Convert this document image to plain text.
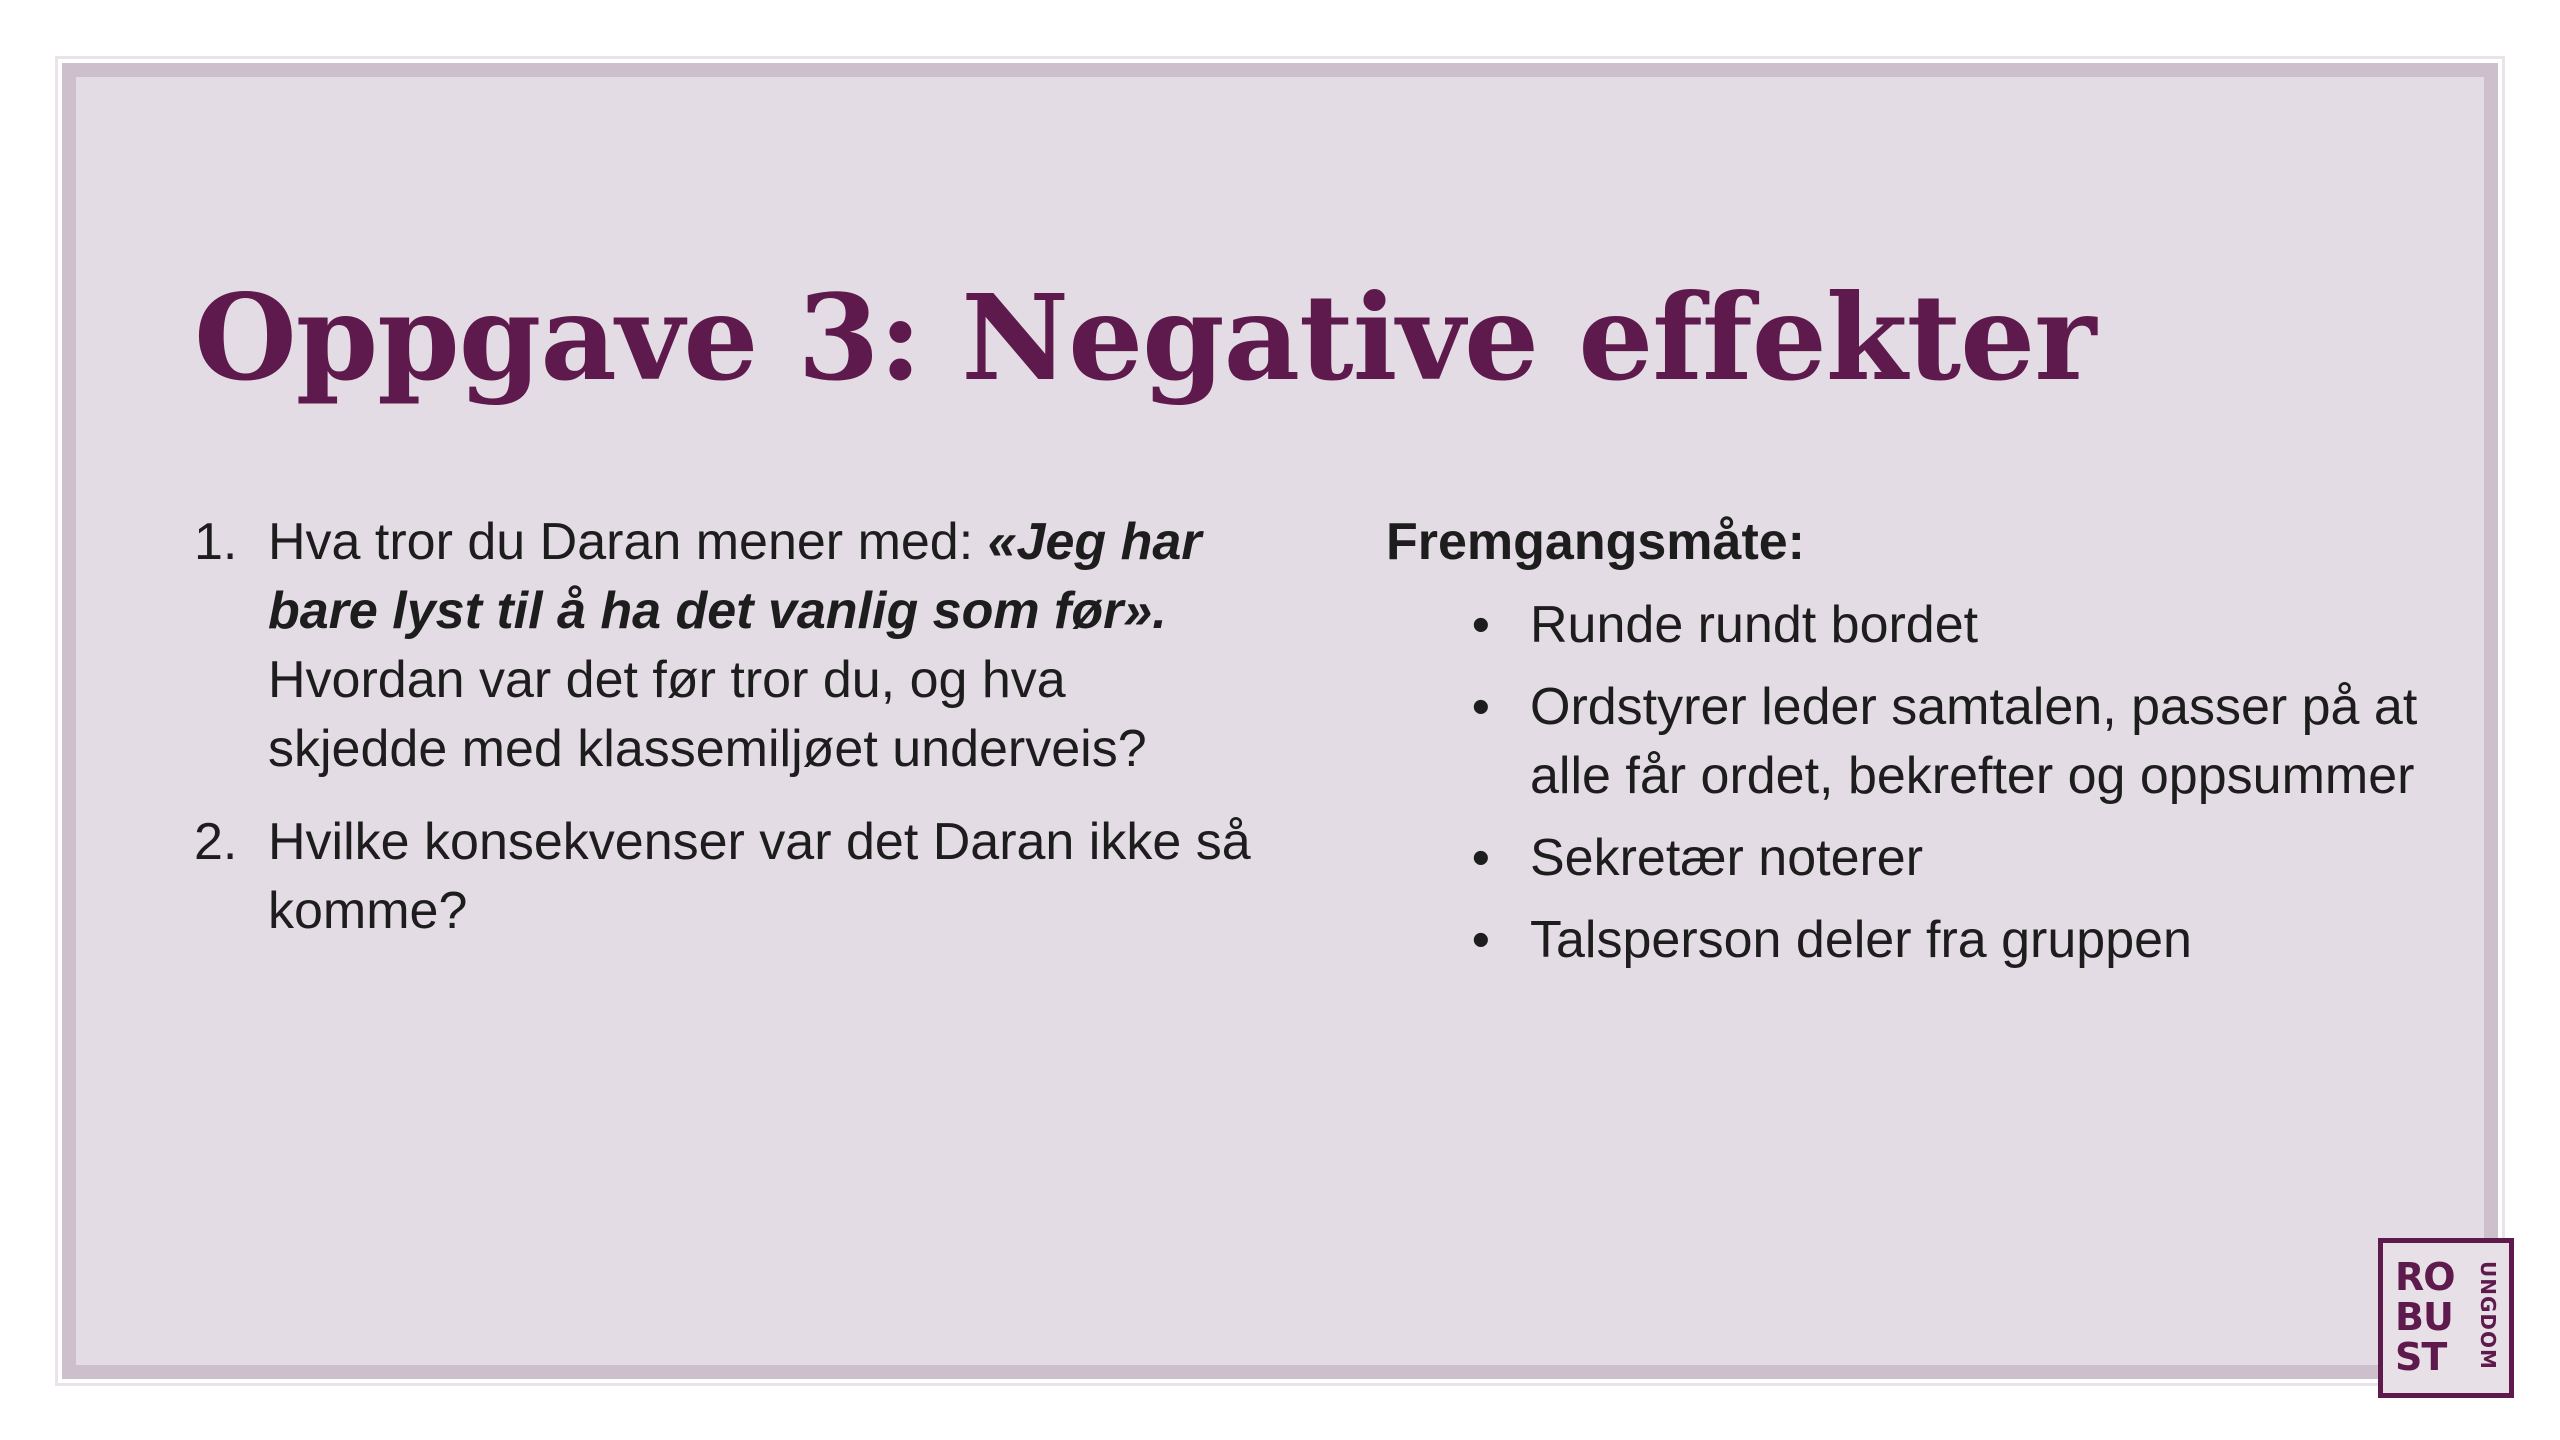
Oppgave 3: Negative effekter
1. Hva tror du Daran mener med: «Jeg har bare lyst til å ha det vanlig som før». Hvordan var det før tror du, og hva skjedde med klassemiljøet underveis?
2. Hvilke konsekvenser var det Daran ikke så komme?
Fremgangsmåte:
• Runde rundt bordet
• Ordstyrer leder samtalen, passer på at alle får ordet, bekrefter og oppsummer
• Sekretær noterer
• Talsperson deler fra gruppen
RO
BU
ST	UNGDOM
